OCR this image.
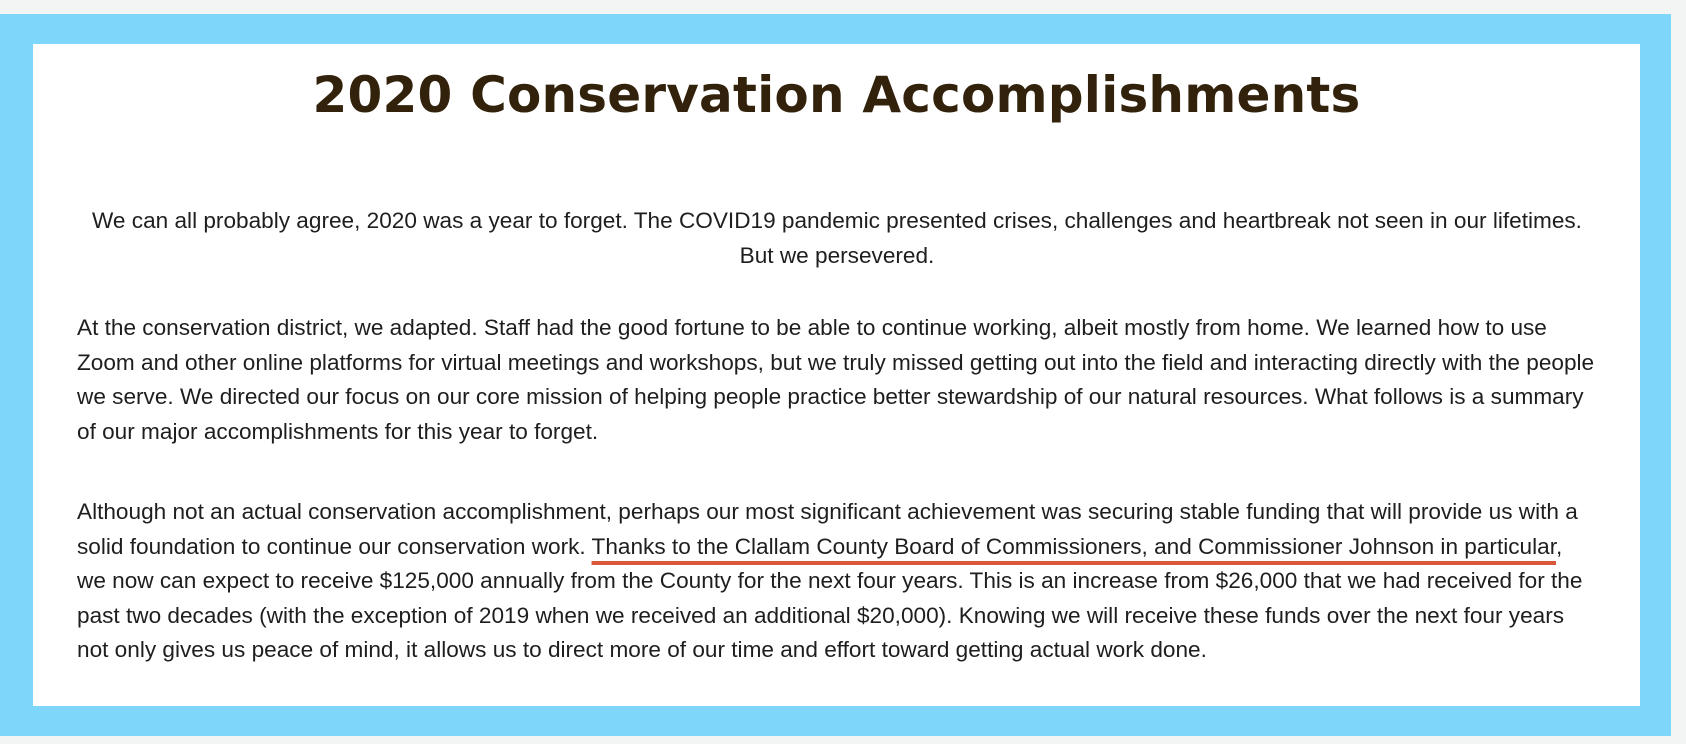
2020 Conservation Accomplishments

We can all probably agree, 2020 was a year to forget. The COVID19 pandemic presented crises, challenges and heartbreak not seen in our lifetimes. But we persevered.

At the conservation district, we adapted. Staff had the good fortune to be able to continue working, albeit mostly from home. We learned how to use Zoom and other online platforms for virtual meetings and workshops, but we truly missed getting out into the field and interacting directly with the people we serve. We directed our focus on our core mission of helping people practice better stewardship of our natural resources. What follows is a summary of our major accomplishments for this year to forget.

Although not an actual conservation accomplishment, perhaps our most significant achievement was securing stable funding that will provide us with a solid foundation to continue our conservation work. Thanks to the Clallam County Board of Commissioners, and Commissioner Johnson in particular, we now can expect to receive $125,000 annually from the County for the next four years. This is an increase from $26,000 that we had received for the past two decades (with the exception of 2019 when we received an additional $20,000). Knowing we will receive these funds over the next four years not only gives us peace of mind, it allows us to direct more of our time and effort toward getting actual work done.
